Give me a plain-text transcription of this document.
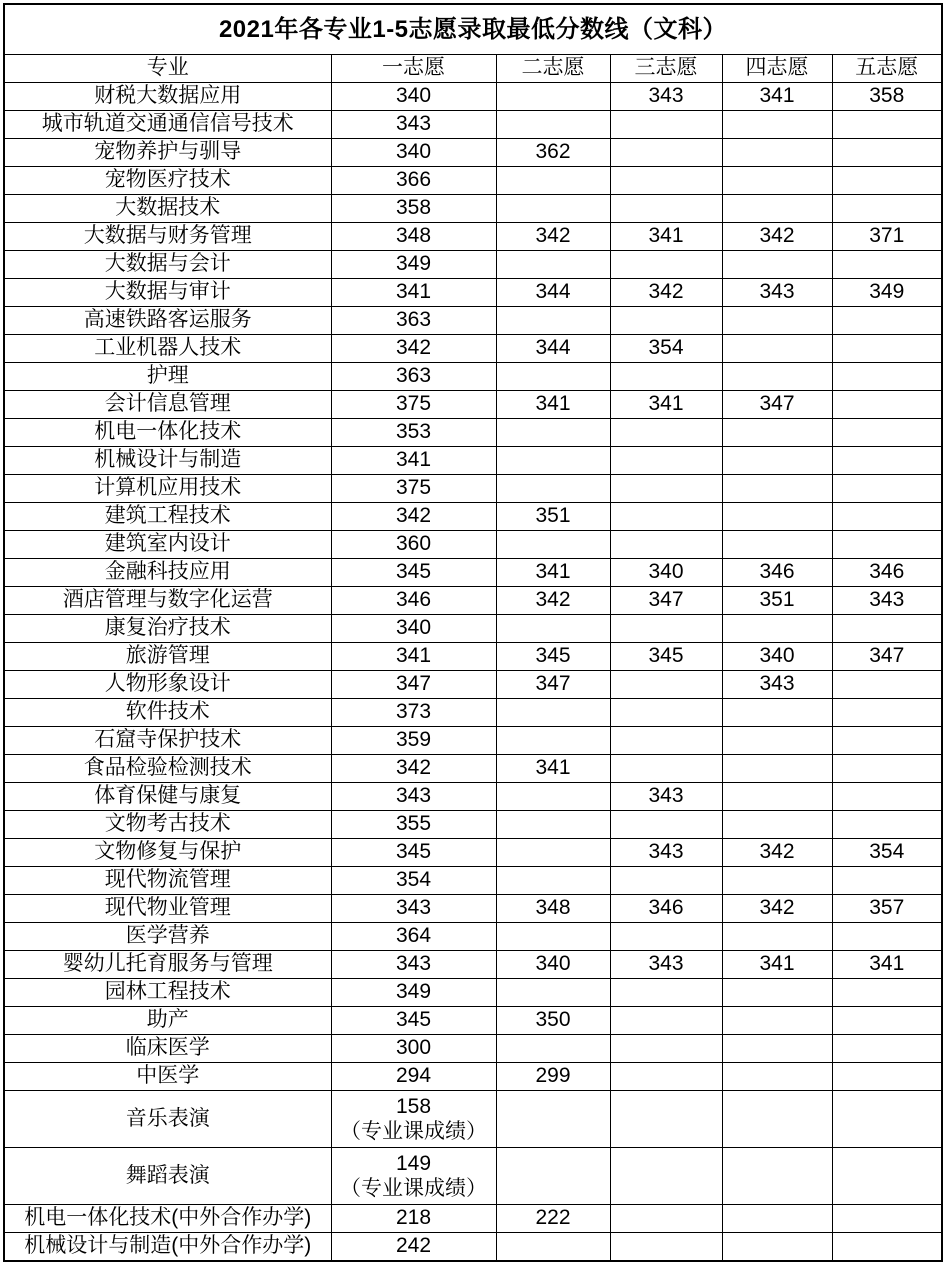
2021年各专业1-5志愿录取最低分数线（文科）					
专业	一志愿	二志愿	三志愿	四志愿	五志愿
财税大数据应用	340		343	341	358
城市轨道交通通信信号技术	343				
宠物养护与驯导	340	362			
宠物医疗技术	366				
大数据技术	358				
大数据与财务管理	348	342	341	342	371
大数据与会计	349				
大数据与审计	341	344	342	343	349
高速铁路客运服务	363				
工业机器人技术	342	344	354		
护理	363				
会计信息管理	375	341	341	347	
机电一体化技术	353				
机械设计与制造	341				
计算机应用技术	375				
建筑工程技术	342	351			
建筑室内设计	360				
金融科技应用	345	341	340	346	346
酒店管理与数字化运营	346	342	347	351	343
康复治疗技术	340				
旅游管理	341	345	345	340	347
人物形象设计	347	347		343	
软件技术	373				
石窟寺保护技术	359				
食品检验检测技术	342	341			
体育保健与康复	343		343		
文物考古技术	355				
文物修复与保护	345		343	342	354
现代物流管理	354				
现代物业管理	343	348	346	342	357
医学营养	364				
婴幼儿托育服务与管理	343	340	343	341	341
园林工程技术	349				
助产	345	350			
临床医学	300				
中医学	294	299			
音乐表演	158
（专业课成绩）				

舞蹈表演	149
（专业课成绩）				

机电一体化技术(中外合作办学)	218	222			
机械设计与制造(中外合作办学)	242				
